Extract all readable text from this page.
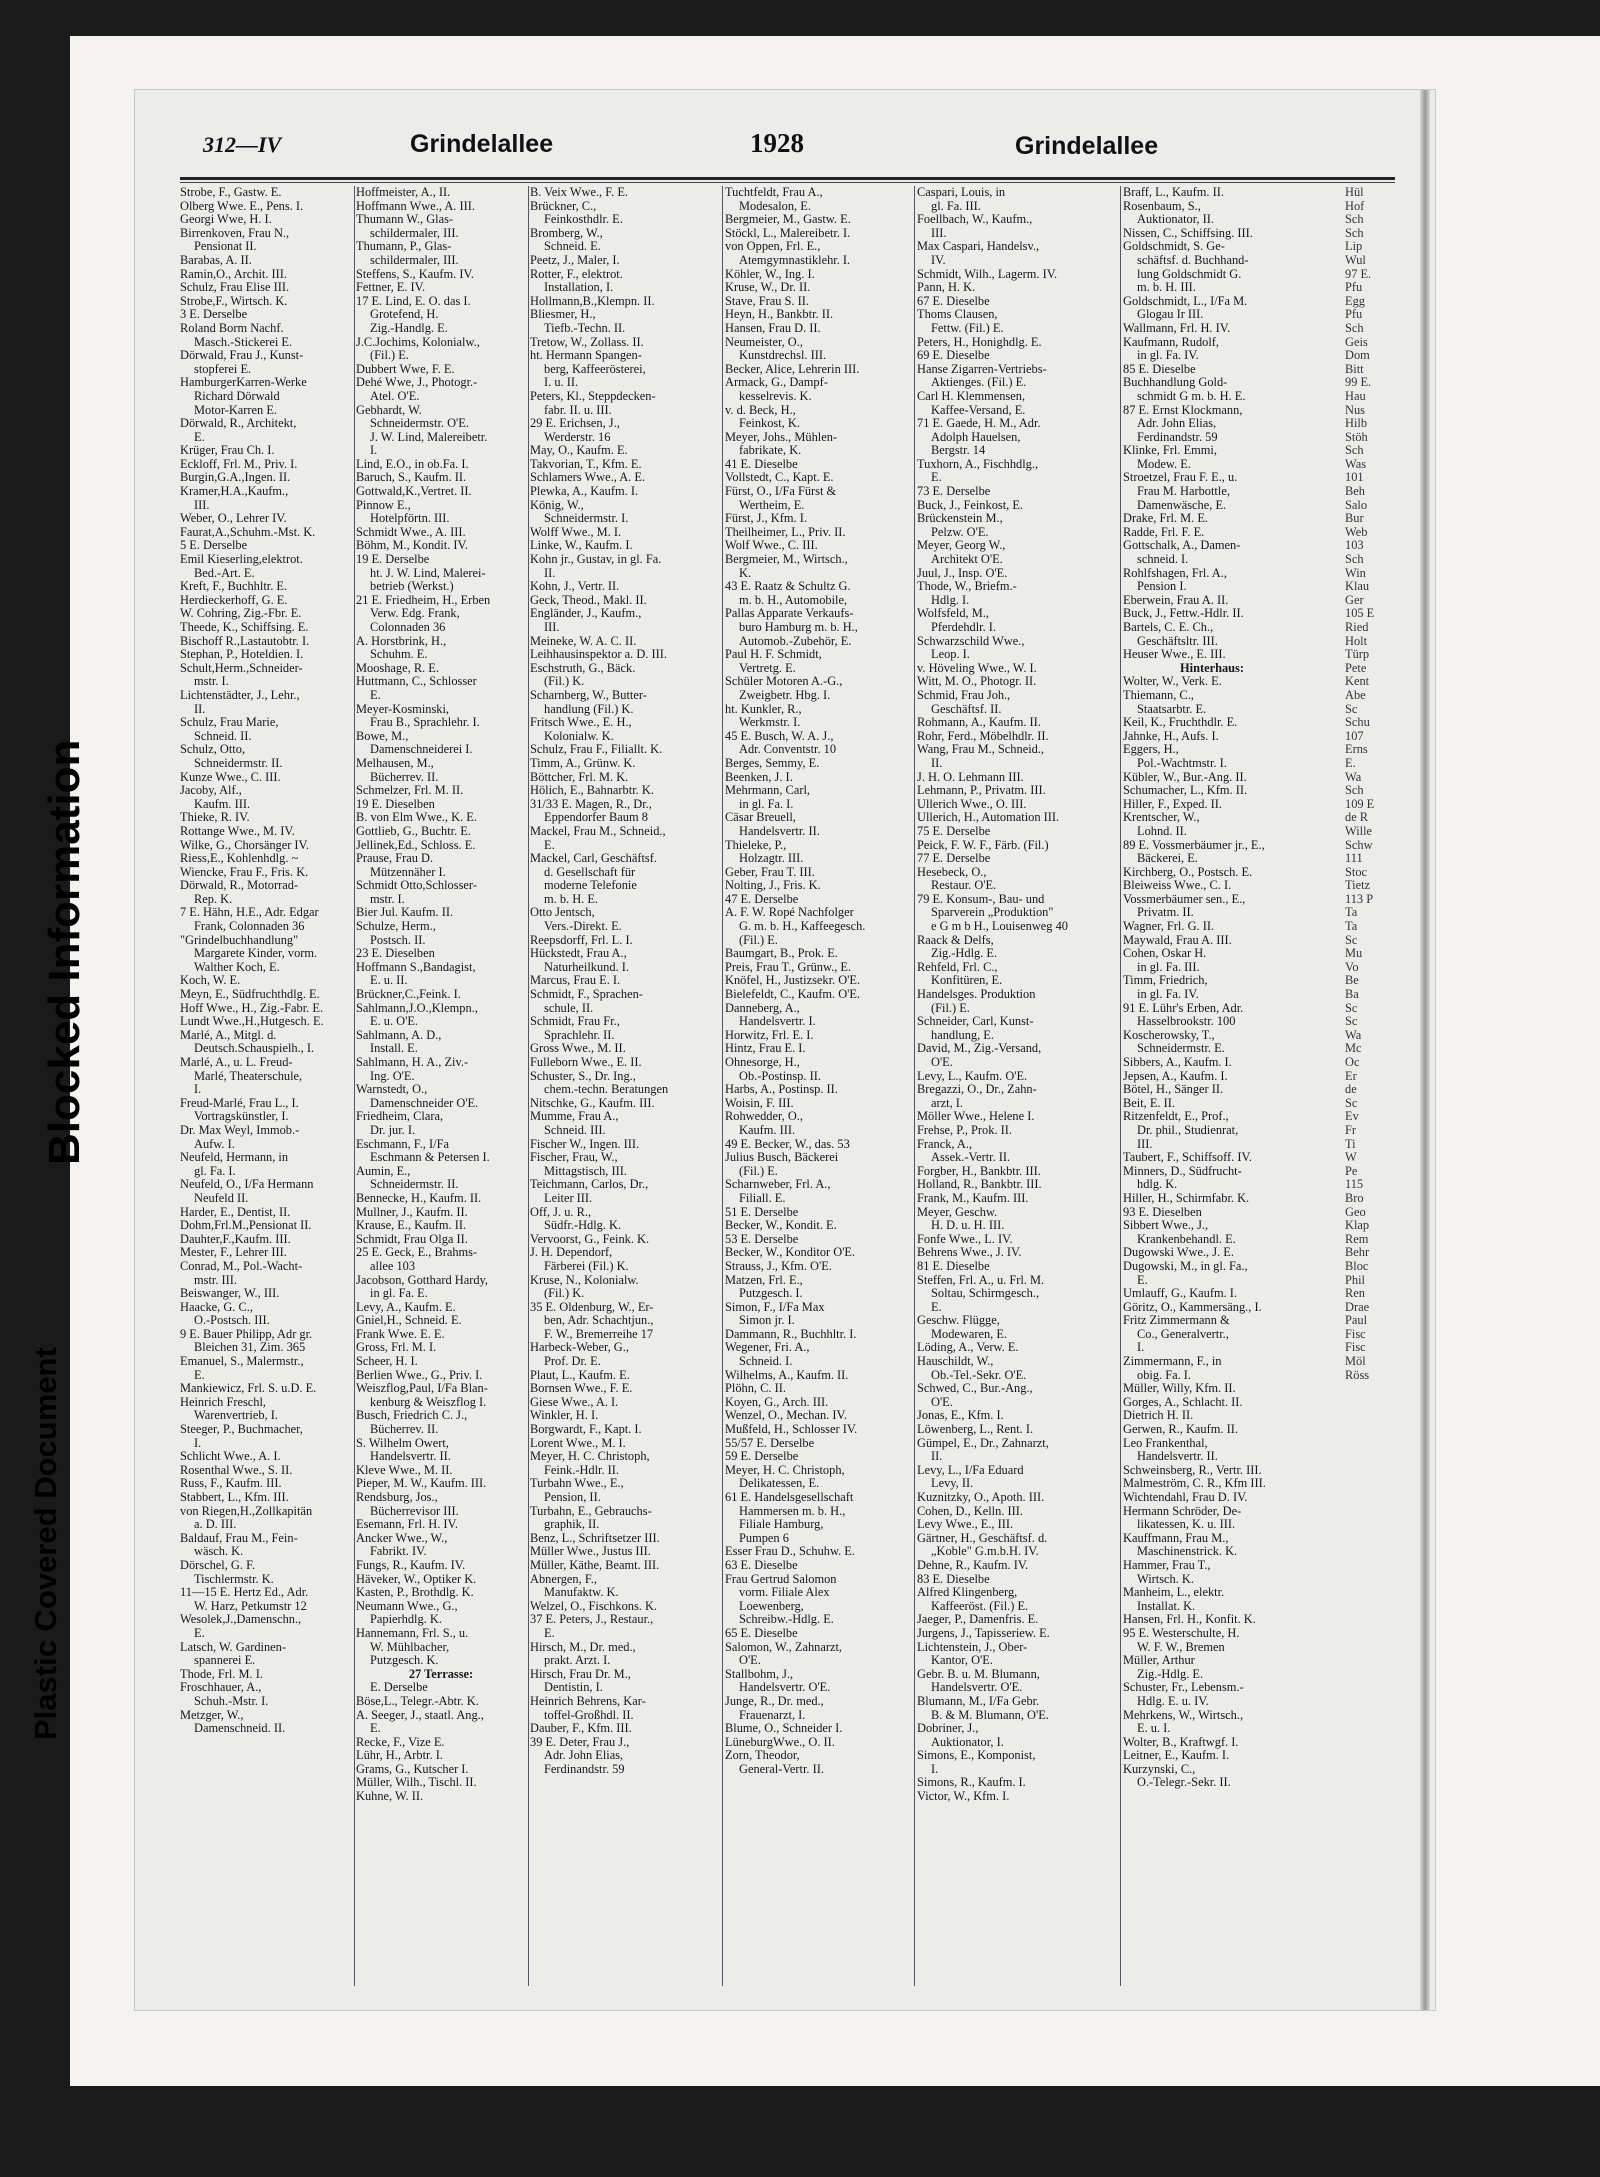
Blocked Information
Plastic Covered Document
312—IV	Grindelallee	1928	Grindelallee
Strobe, F., Gastw. E.
Olberg Wwe. E., Pens. I.
Georgi Wwe, H. I.
Birrenkoven, Frau N.,
Pensionat II.
Barabas, A. II.
Ramin,O., Archit. III.
Schulz, Frau Elise III.
Strobe,F., Wirtsch. K.
3 E. Derselbe
Roland Borm Nachf.
Masch.-Stickerei E.
Dörwald, Frau J., Kunst-
stopferei E.
HamburgerKarren-Werke
Richard Dörwald
Motor-Karren E.
Dörwald, R., Architekt,
E.
Krüger, Frau Ch. I.
Eckloff, Frl. M., Priv. I.
Burgin,G.A.,Ingen. II.
Kramer,H.A.,Kaufm.,
III.
Weber, O., Lehrer IV.
Faurat,A.,Schuhm.-Mst. K.
5 E. Derselbe
Emil Kieserling,elektrot.
Bed.-Art. E.
Kreft, F., Buchhltr. E.
Herdieckerhoff, G. E.
W. Cohring, Zig.-Fbr. E.
Theede, K., Schiffsing. E.
Bischoff R.,Lastautobtr. I.
Stephan, P., Hoteldien. I.
Schult,Herm.,Schneider-
mstr. I.
Lichtenstädter, J., Lehr.,
II.
Schulz, Frau Marie,
Schneid. II.
Schulz, Otto,
Schneidermstr. II.
Kunze Wwe., C. III.
Jacoby, Alf.,
Kaufm. III.
Thieke, R. IV.
Rottange Wwe., M. IV.
Wilke, G., Chorsänger IV.
Riess,E., Kohlenhdlg. ~
Wiencke, Frau F., Fris. K.
Dörwald, R., Motorrad-
Rep. K.
7 E. Hähn, H.E., Adr. Edgar
Frank, Colonnaden 36
"Grindelbuchhandlung"
Margarete Kinder, vorm.
Walther Koch, E.
Koch, W. E.
Meyn, E., Südfruchthdlg. E.
Hoff Wwe., H., Zig.-Fabr. E.
Lundt Wwe.,H.,Hutgesch. E.
Marlé, A., Mitgl. d.
Deutsch.Schauspielh., I.
Marlé, A., u. L. Freud-
Marlé, Theaterschule,
I.
Freud-Marlé, Frau L., I.
Vortragskünstler, I.
Dr. Max Weyl, Immob.-
Aufw. I.
Neufeld, Hermann, in
gl. Fa. I.
Neufeld, O., I/Fa Hermann
Neufeld II.
Harder, E., Dentist, II.
Dohm,Frl.M.,Pensionat II.
Dauhter,F.,Kaufm. III.
Mester, F., Lehrer III.
Conrad, M., Pol.-Wacht-
mstr. III.
Beiswanger, W., III.
Haacke, G. C.,
O.-Postsch. III.
9 E. Bauer Philipp, Adr gr.
Bleichen 31, Zim. 365
Emanuel, S., Malermstr.,
E.
Mankiewicz, Frl. S. u.D. E.
Heinrich Freschl,
Warenvertrieb, I.
Steeger, P., Buchmacher,
I.
Schlicht Wwe., A. I.
Rosenthal Wwe., S. II.
Russ, F., Kaufm. III.
Stabbert, L., Kfm. III.
von Riegen,H.,Zollkapitän
a. D. III.
Baldauf, Frau M., Fein-
wäsch. K.
Dörschel, G. F.
Tischlermstr. K.
11—15 E. Hertz Ed., Adr.
W. Harz, Petkumstr 12
Wesolek,J.,Damenschn.,
E.
Latsch, W. Gardinen-
spannerei E.
Thode, Frl. M. I.
Froschhauer, A.,
Schuh.-Mstr. I.
Metzger, W.,
Damenschneid. II.
Hoffmeister, A., II.
Hoffmann Wwe., A. III.
Thumann W., Glas-
schildermaler, III.
Thumann, P., Glas-
schildermaler, III.
Steffens, S., Kaufm. IV.
Fettner, E. IV.
17 E. Lind, E. O. das I.
Grotefend, H.
Zig.-Handlg. E.
J.C.Jochims, Kolonialw.,
(Fil.) E.
Dubbert Wwe, F. E.
Dehé Wwe, J., Photogr.-
Atel. O'E.
Gebhardt, W.
Schneidermstr. O'E.
J. W. Lind, Malereibetr.
I.
Lind, E.O., in ob.Fa. I.
Baruch, S., Kaufm. II.
Gottwald,K.,Vertret. II.
Pinnow E.,
Hotelpförtn. III.
Schmidt Wwe., A. III.
Böhm, M., Kondit. IV.
19 E. Derselbe
ht. J. W. Lind, Malerei-
betrieb (Werkst.)
21 E. Friedheim, H., Erben
Verw. Edg. Frank,
Colonnaden 36
A. Horstbrink, H.,
Schuhm. E.
Mooshage, R. E.
Huttmann, C., Schlosser
E.
Meyer-Kosminski,
Frau B., Sprachlehr. I.
Bowe, M.,
Damenschneiderei I.
Melhausen, M.,
Bücherrev. II.
Schmelzer, Frl. M. II.
19 E. Dieselben
B. von Elm Wwe., K. E.
Gottlieb, G., Buchtr. E.
Jellinek,Ed., Schloss. E.
Prause, Frau D.
Mützennäher I.
Schmidt Otto,Schlosser-
mstr. I.
Bier Jul. Kaufm. II.
Schulze, Herm.,
Postsch. II.
23 E. Dieselben
Hoffmann S.,Bandagist,
E. u. II.
Brückner,C.,Feink. I.
Sahlmann,J.O.,Klempn.,
E. u. O'E.
Sahlmann, A. D.,
Install. E.
Sahlmann, H. A., Ziv.-
Ing. O'E.
Warnstedt, O.,
Damenschneider O'E.
Friedheim, Clara,
Dr. jur. I.
Eschmann, F., I/Fa
Eschmann & Petersen I.
Aumin, E.,
Schneidermstr. II.
Bennecke, H., Kaufm. II.
Mullner, J., Kaufm. II.
Krause, E., Kaufm. II.
Schmidt, Frau Olga II.
25 E. Geck, E., Brahms-
allee 103
Jacobson, Gotthard Hardy,
in gl. Fa. E.
Levy, A., Kaufm. E.
Gniel,H., Schneid. E.
Frank Wwe. E. E.
Gross, Frl. M. I.
Scheer, H. I.
Berlien Wwe., G., Priv. I.
Weiszflog,Paul, I/Fa Blan-
kenburg & Weiszflog I.
Busch, Friedrich C. J.,
Bücherrev. II.
S. Wilhelm Owert,
Handelsvertr. II.
Kleve Wwe., M. II.
Pieper, M. W., Kaufm. III.
Rendsburg, Jos.,
Bücherrevisor III.
Esemann, Frl. H. IV.
Ancker Wwe., W.,
Fabrikt. IV.
Fungs, R., Kaufm. IV.
Häveker, W., Optiker K.
Kasten, P., Brothdlg. K.
Neumann Wwe., G.,
Papierhdlg. K.
Hannemann, Frl. S., u.
W. Mühlbacher,
Putzgesch. K.
27 Terrasse:
E. Derselbe
Böse,L., Telegr.-Abtr. K.
A. Seeger, J., staatl. Ang.,
E.
Recke, F., Vize E.
Lühr, H., Arbtr. I.
Grams, G., Kutscher I.
Müller, Wilh., Tischl. II.
Kuhne, W. II.
B. Veix Wwe., F. E.
Brückner, C.,
Feinkosthdlr. E.
Bromberg, W.,
Schneid. E.
Peetz, J., Maler, I.
Rotter, F., elektrot.
Installation, I.
Hollmann,B.,Klempn. II.
Bliesmer, H.,
Tiefb.-Techn. II.
Tretow, W., Zollass. II.
ht. Hermann Spangen-
berg, Kaffeerösterei,
I. u. II.
Peters, Kl., Steppdecken-
fabr. II. u. III.
29 E. Erichsen, J.,
Werderstr. 16
May, O., Kaufm. E.
Takvorian, T., Kfm. E.
Schlamers Wwe., A. E.
Plewka, A., Kaufm. I.
König, W.,
Schneidermstr. I.
Wolff Wwe., M. I.
Linke, W., Kaufm. I.
Kohn jr., Gustav, in gl. Fa.
II.
Kohn, J., Vertr. II.
Geck, Theod., Makl. II.
Engländer, J., Kaufm.,
III.
Meineke, W. A. C. II.
Leihhausinspektor a. D. III.
Eschstruth, G., Bäck.
(Fil.) K.
Scharnberg, W., Butter-
handlung (Fil.) K.
Fritsch Wwe., E. H.,
Kolonialw. K.
Schulz, Frau F., Filiallt. K.
Timm, A., Grünw. K.
Böttcher, Frl. M. K.
Hölich, E., Bahnarbtr. K.
31/33 E. Magen, R., Dr.,
Eppendorfer Baum 8
Mackel, Frau M., Schneid.,
E.
Mackel, Carl, Geschäftsf.
d. Gesellschaft für
moderne Telefonie
m. b. H. E.
Otto Jentsch,
Vers.-Direkt. E.
Reepsdorff, Frl. L. I.
Hückstedt, Frau A.,
Naturheilkund. I.
Marcus, Frau E. I.
Schmidt, F., Sprachen-
schule, II.
Schmidt, Frau Fr.,
Sprachlehr. II.
Gross Wwe., M. II.
Fulleborn Wwe., E. II.
Schuster, S., Dr. Ing.,
chem.-techn. Beratungen
Nitschke, G., Kaufm. III.
Mumme, Frau A.,
Schneid. III.
Fischer W., Ingen. III.
Fischer, Frau, W.,
Mittagstisch, III.
Teichmann, Carlos, Dr.,
Leiter III.
Off, J. u. R.,
Südfr.-Hdlg. K.
Vervoorst, G., Feink. K.
J. H. Dependorf,
Färberei (Fil.) K.
Kruse, N., Kolonialw.
(Fil.) K.
35 E. Oldenburg, W., Er-
ben, Adr. Schachtjun.,
F. W., Bremerreihe 17
Harbeck-Weber, G.,
Prof. Dr. E.
Plaut, L., Kaufm. E.
Bornsen Wwe., F. E.
Giese Wwe., A. I.
Winkler, H. I.
Borgwardt, F., Kapt. I.
Lorent Wwe., M. I.
Meyer, H. C. Christoph,
Feink.-Hdlr. II.
Turbahn Wwe., E.,
Pension, II.
Turbahn, E., Gebrauchs-
graphik, II.
Benz, L., Schriftsetzer III.
Müller Wwe., Justus III.
Müller, Käthe, Beamt. III.
Abnergen, F.,
Manufaktw. K.
Welzel, O., Fischkons. K.
37 E. Peters, J., Restaur.,
E.
Hirsch, M., Dr. med.,
prakt. Arzt. I.
Hirsch, Frau Dr. M.,
Dentistin, I.
Heinrich Behrens, Kar-
toffel-Großhdl. II.
Dauber, F., Kfm. III.
39 E. Deter, Frau J.,
Adr. John Elias,
Ferdinandstr. 59
Tuchtfeldt, Frau A.,
Modesalon, E.
Bergmeier, M., Gastw. E.
Stöckl, L., Malereibetr. I.
von Oppen, Frl. E.,
Atemgymnastiklehr. I.
Köhler, W., Ing. I.
Kruse, W., Dr. II.
Stave, Frau S. II.
Heyn, H., Bankbtr. II.
Hansen, Frau D. II.
Neumeister, O.,
Kunstdrechsl. III.
Becker, Alice, Lehrerin III.
Armack, G., Dampf-
kesselrevis. K.
v. d. Beck, H.,
Feinkost, K.
Meyer, Johs., Mühlen-
fabrikate, K.
41 E. Dieselbe
Vollstedt, C., Kapt. E.
Fürst, O., I/Fa Fürst &
Wertheim, E.
Fürst, J., Kfm. I.
Theilheimer, L., Priv. II.
Wolf Wwe., C. III.
Bergmeier, M., Wirtsch.,
K.
43 E. Raatz & Schultz G.
m. b. H., Automobile,
Pallas Apparate Verkaufs-
buro Hamburg m. b. H.,
Automob.-Zubehör, E.
Paul H. F. Schmidt,
Vertretg. E.
Schüler Motoren A.-G.,
Zweigbetr. Hbg. I.
ht. Kunkler, R.,
Werkmstr. I.
45 E. Busch, W. A. J.,
Adr. Conventstr. 10
Berges, Semmy, E.
Beenken, J. I.
Mehrmann, Carl,
in gl. Fa. I.
Cäsar Breuell,
Handelsvertr. II.
Thieleke, P.,
Holzagtr. III.
Geber, Frau T. III.
Nolting, J., Fris. K.
47 E. Derselbe
A. F. W. Ropé Nachfolger
G. m. b. H., Kaffeegesch.
(Fil.) E.
Baumgart, B., Prok. E.
Preis, Frau T., Grünw., E.
Knöfel, H., Justizsekr. O'E.
Bielefeldt, C., Kaufm. O'E.
Danneberg, A.,
Handelsvertr. I.
Horwitz, Frl. E. I.
Hintz, Frau E. I.
Ohnesorge, H.,
Ob.-Postinsp. II.
Harbs, A., Postinsp. II.
Woisin, F. III.
Rohwedder, O.,
Kaufm. III.
49 E. Becker, W., das. 53
Julius Busch, Bäckerei
(Fil.) E.
Scharnweber, Frl. A.,
Filiall. E.
51 E. Derselbe
Becker, W., Kondit. E.
53 E. Derselbe
Becker, W., Konditor O'E.
Strauss, J., Kfm. O'E.
Matzen, Frl. E.,
Putzgesch. I.
Simon, F., I/Fa Max
Simon jr. I.
Dammann, R., Buchhltr. I.
Wegener, Fri. A.,
Schneid. I.
Wilhelms, A., Kaufm. II.
Plöhn, C. II.
Koyen, G., Arch. III.
Wenzel, O., Mechan. IV.
Mußfeld, H., Schlosser IV.
55/57 E. Derselbe
59 E. Derselbe
Meyer, H. C. Christoph,
Delikatessen, E.
61 E. Handelsgesellschaft
Hammersen m. b. H.,
Filiale Hamburg,
Pumpen 6
Esser Frau D., Schuhw. E.
63 E. Dieselbe
Frau Gertrud Salomon
vorm. Filiale Alex
Loewenberg,
Schreibw.-Hdlg. E.
65 E. Dieselbe
Salomon, W., Zahnarzt,
O'E.
Stallbohm, J.,
Handelsvertr. O'E.
Junge, R., Dr. med.,
Frauenarzt, I.
Blume, O., Schneider I.
LüneburgWwe., O. II.
Zorn, Theodor,
General-Vertr. II.
Caspari, Louis, in
gl. Fa. III.
Foellbach, W., Kaufm.,
III.
Max Caspari, Handelsv.,
IV.
Schmidt, Wilh., Lagerm. IV.
Pann, H. K.
67 E. Dieselbe
Thoms Clausen,
Fettw. (Fil.) E.
Peters, H., Honighdlg. E.
69 E. Dieselbe
Hanse Zigarren-Vertriebs-
Aktienges. (Fil.) E.
Carl H. Klemmensen,
Kaffee-Versand, E.
71 E. Gaede, H. M., Adr.
Adolph Hauelsen,
Bergstr. 14
Tuxhorn, A., Fischhdlg.,
E.
73 E. Derselbe
Buck, J., Feinkost, E.
Brückenstein M.,
Pelzw. O'E.
Meyer, Georg W.,
Architekt O'E.
Juul, J., Insp. O'E.
Thode, W., Briefm.-
Hdlg. I.
Wolfsfeld, M.,
Pferdehdlr. I.
Schwarzschild Wwe.,
Leop. I.
v. Höveling Wwe., W. I.
Witt, M. O., Photogr. II.
Schmid, Frau Joh.,
Geschäftsf. II.
Rohmann, A., Kaufm. II.
Rohr, Ferd., Möbelhdlr. II.
Wang, Frau M., Schneid.,
II.
J. H. O. Lehmann III.
Lehmann, P., Privatm. III.
Ullerich Wwe., O. III.
Ullerich, H., Automation III.
75 E. Derselbe
Peick, F. W. F., Färb. (Fil.)
77 E. Derselbe
Hesebeck, O.,
Restaur. O'E.
79 E. Konsum-, Bau- und
Sparverein „Produktion"
e G m b H., Louisenweg 40
Raack & Delfs,
Zig.-Hdlg. E.
Rehfeld, Frl. C.,
Konfitüren, E.
Handelsges. Produktion
(Fil.) E.
Schneider, Carl, Kunst-
handlung, E.
David, M., Zig.-Versand,
O'E.
Levy, L., Kaufm. O'E.
Bregazzi, O., Dr., Zahn-
arzt, I.
Möller Wwe., Helene I.
Frehse, P., Prok. II.
Franck, A.,
Assek.-Vertr. II.
Forgber, H., Bankbtr. III.
Holland, R., Bankbtr. III.
Frank, M., Kaufm. III.
Meyer, Geschw.
H. D. u. H. III.
Fonfe Wwe., L. IV.
Behrens Wwe., J. IV.
81 E. Dieselbe
Steffen, Frl. A., u. Frl. M.
Soltau, Schirmgesch.,
E.
Geschw. Flügge,
Modewaren, E.
Löding, A., Verw. E.
Hauschildt, W.,
Ob.-Tel.-Sekr. O'E.
Schwed, C., Bur.-Ang.,
O'E.
Jonas, E., Kfm. I.
Löwenberg, L., Rent. I.
Gümpel, E., Dr., Zahnarzt,
II.
Levy, L., I/Fa Eduard
Levy, II.
Kuznitzky, O., Apoth. III.
Cohen, D., Kelln. III.
Levy Wwe., E., III.
Gärtner, H., Geschäftsf. d.
„Koble" G.m.b.H. IV.
Dehne, R., Kaufm. IV.
83 E. Dieselbe
Alfred Klingenberg,
Kaffeeröst. (Fil.) E.
Jaeger, P., Damenfris. E.
Jurgens, J., Tapisseriew. E.
Lichtenstein, J., Ober-
Kantor, O'E.
Gebr. B. u. M. Blumann,
Handelsvertr. O'E.
Blumann, M., I/Fa Gebr.
B. & M. Blumann, O'E.
Dobriner, J.,
Auktionator, I.
Simons, E., Komponist,
I.
Simons, R., Kaufm. I.
Victor, W., Kfm. I.
Braff, L., Kaufm. II.
Rosenbaum, S.,
Auktionator, II.
Nissen, C., Schiffsing. III.
Goldschmidt, S. Ge-
schäftsf. d. Buchhand-
lung Goldschmidt G.
m. b. H. III.
Goldschmidt, L., I/Fa M.
Glogau Ir III.
Wallmann, Frl. H. IV.
Kaufmann, Rudolf,
in gl. Fa. IV.
85 E. Dieselbe
Buchhandlung Gold-
schmidt G m. b. H. E.
87 E. Ernst Klockmann,
Adr. John Elias,
Ferdinandstr. 59
Klinke, Frl. Emmi,
Modew. E.
Stroetzel, Frau F. E., u.
Frau M. Harbottle,
Damenwäsche, E.
Drake, Frl. M. E.
Radde, Frl. F. E.
Gottschalk, A., Damen-
schneid. I.
Rohlfshagen, Frl. A.,
Pension I.
Eberwein, Frau A. II.
Buck, J., Fettw.-Hdlr. II.
Bartels, C. E. Ch.,
Geschäftsltr. III.
Heuser Wwe., E. III.
Hinterhaus:
Wolter, W., Verk. E.
Thiemann, C.,
Staatsarbtr. E.
Keil, K., Fruchthdlr. E.
Jahnke, H., Aufs. I.
Eggers, H.,
Pol.-Wachtmstr. I.
Kübler, W., Bur.-Ang. II.
Schumacher, L., Kfm. II.
Hiller, F., Exped. II.
Krentscher, W.,
Lohnd. II.
89 E. Vossmerbäumer jr., E.,
Bäckerei, E.
Kirchberg, O., Postsch. E.
Bleiweiss Wwe., C. I.
Vossmerbäumer sen., E.,
Privatm. II.
Wagner, Frl. G. II.
Maywald, Frau A. III.
Cohen, Oskar H.
in gl. Fa. III.
Timm, Friedrich,
in gl. Fa. IV.
91 E. Lühr's Erben, Adr.
Hasselbrookstr. 100
Koscherowsky, T.,
Schneidermstr. E.
Sibbers, A., Kaufm. I.
Jepsen, A., Kaufm. I.
Bötel, H., Sänger II.
Beit, E. II.
Ritzenfeldt, E., Prof.,
Dr. phil., Studienrat,
III.
Taubert, F., Schiffsoff. IV.
Minners, D., Südfrucht-
hdlg. K.
Hiller, H., Schirmfabr. K.
93 E. Dieselben
Sibbert Wwe., J.,
Krankenbehandl. E.
Dugowski Wwe., J. E.
Dugowski, M., in gl. Fa.,
E.
Umlauff, G., Kaufm. I.
Göritz, O., Kammersäng., I.
Fritz Zimmermann &
Co., Generalvertr.,
I.
Zimmermann, F., in
obig. Fa. I.
Müller, Willy, Kfm. II.
Gorges, A., Schlacht. II.
Dietrich H. II.
Gerwen, R., Kaufm. II.
Leo Frankenthal,
Handelsvertr. II.
Schweinsberg, R., Vertr. III.
Malmeström, C. R., Kfm III.
Wichtendahl, Frau D. IV.
Hermann Schröder, De-
likatessen, K. u. III.
Kauffmann, Frau M.,
Maschinenstrick. K.
Hammer, Frau T.,
Wirtsch. K.
Manheim, L., elektr.
Installat. K.
Hansen, Frl. H., Konfit. K.
95 E. Westerschulte, H.
W. F. W., Bremen
Müller, Arthur
Zig.-Hdlg. E.
Schuster, Fr., Lebensm.-
Hdlg. E. u. IV.
Mehrkens, W., Wirtsch.,
E. u. I.
Wolter, B., Kraftwgf. I.
Leitner, E., Kaufm. I.
Kurzynski, C.,
O.-Telegr.-Sekr. II.
Hül
Hof
Sch
Sch
Lip
Wul
97 E.
Pfu
Egg
Pfu
Sch
Geis
Dom
Bitt
99 E.
Hau
Nus
Hilb
Stöh
Sch
Was
101
Beh
Salo
Bur
Web
103
Sch
Win
Klau
Ger
105 E
Ried
Holt
Türp
Pete
Kent
Abe
Sc
Schu
107
Erns
E.
Wa
Sch
109 E
de R
Wille
Schw
111
Stoc
Tietz
113 P
Ta
Ta
Sc
Mu
Vo
Be
Ba
Sc
Sc
Wa
Mc
Oc
Er
de
Sc
Ev
Fr
Ti
W
Pe
115
Bro
Geo
Klap
Rem
Behr
Bloc
Phil
Ren
Drae
Paul
Fisc
Fisc
Möl
Röss
